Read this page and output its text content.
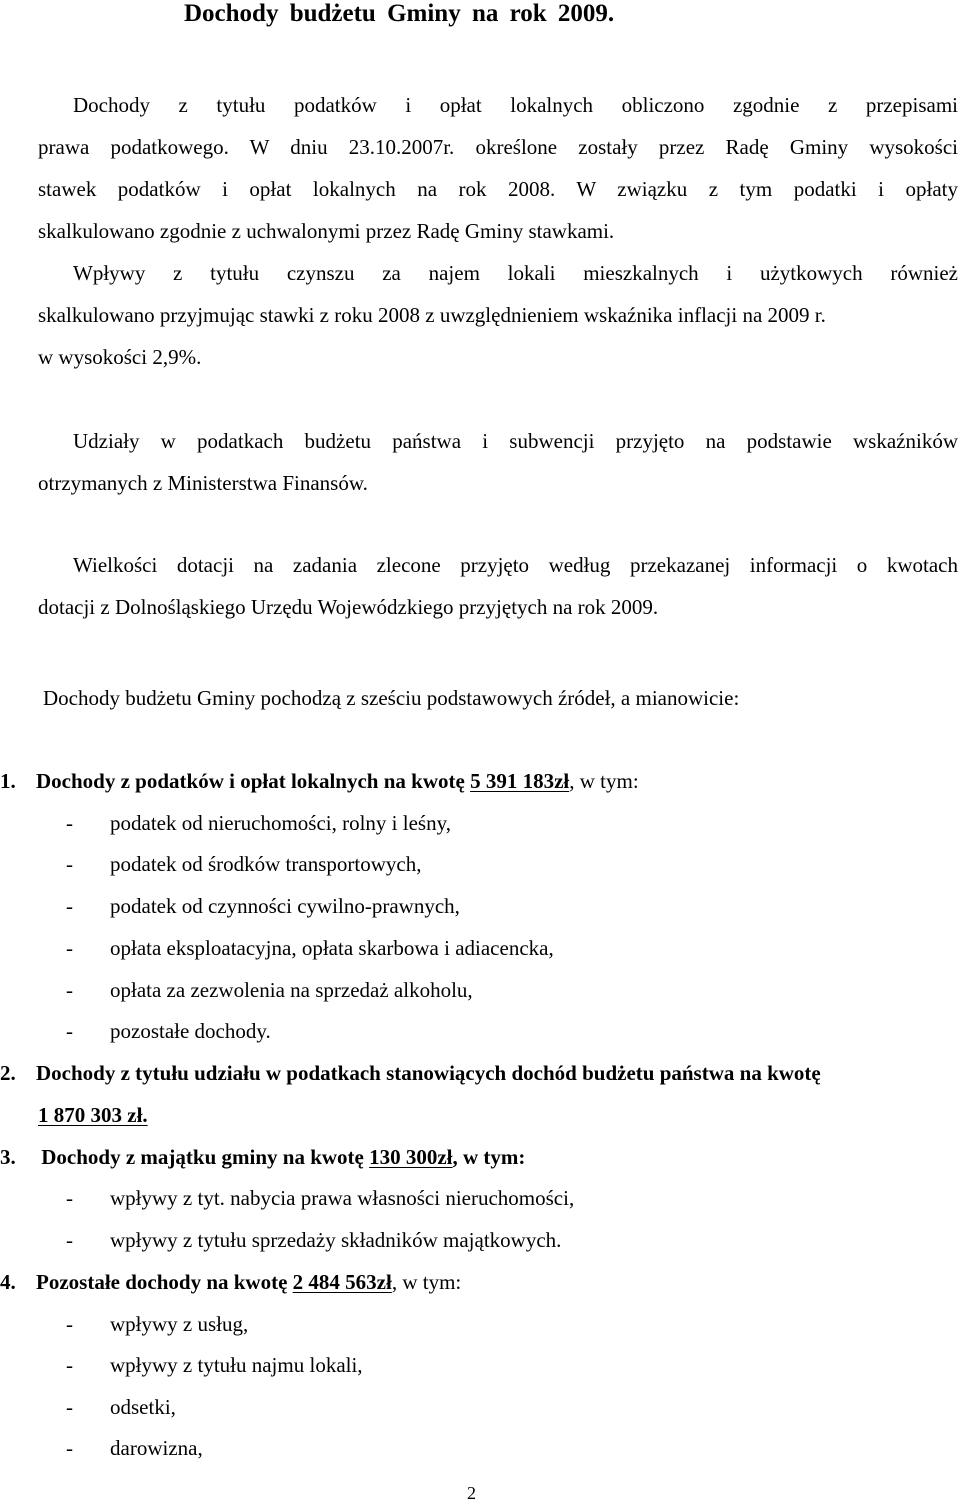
Dochody budżetu Gminy na rok 2009.
Dochody z tytułu podatków i opłat lokalnych obliczono zgodnie z przepisami
prawa podatkowego. W dniu 23.10.2007r. określone zostały przez Radę Gminy wysokości
stawek podatków i opłat lokalnych na rok 2008. W związku z tym podatki i opłaty
skalkulowano zgodnie z uchwalonymi przez Radę Gminy stawkami.
Wpływy z tytułu czynszu za najem lokali mieszkalnych i użytkowych również
skalkulowano przyjmując stawki z roku 2008 z uwzględnieniem wskaźnika inflacji na 2009 r.
w wysokości 2,9%.
Udziały w podatkach budżetu państwa i subwencji przyjęto na podstawie wskaźników
otrzymanych z Ministerstwa Finansów.
Wielkości dotacji na zadania zlecone przyjęto według przekazanej informacji o kwotach
dotacji z Dolnośląskiego Urzędu Wojewódzkiego przyjętych na rok 2009.
Dochody budżetu Gminy pochodzą z sześciu podstawowych źródeł, a mianowicie:
1. Dochody z podatków i opłat lokalnych na kwotę 5 391 183zł, w tym:
- podatek od nieruchomości, rolny i leśny,
- podatek od środków transportowych,
- podatek od czynności cywilno-prawnych,
- opłata eksploatacyjna, opłata skarbowa i adiacencka,
- opłata za zezwolenia na sprzedaż alkoholu,
- pozostałe dochody.
2. Dochody z tytułu udziału w podatkach stanowiących dochód budżetu państwa na kwotę
1 870 303 zł.
3. Dochody z majątku gminy na kwotę 130 300zł, w tym:
- wpływy z tyt. nabycia prawa własności nieruchomości,
- wpływy z tytułu sprzedaży składników majątkowych.
4. Pozostałe dochody na kwotę 2 484 563zł, w tym:
- wpływy z usług,
- wpływy z tytułu najmu lokali,
- odsetki,
- darowizna,
2
